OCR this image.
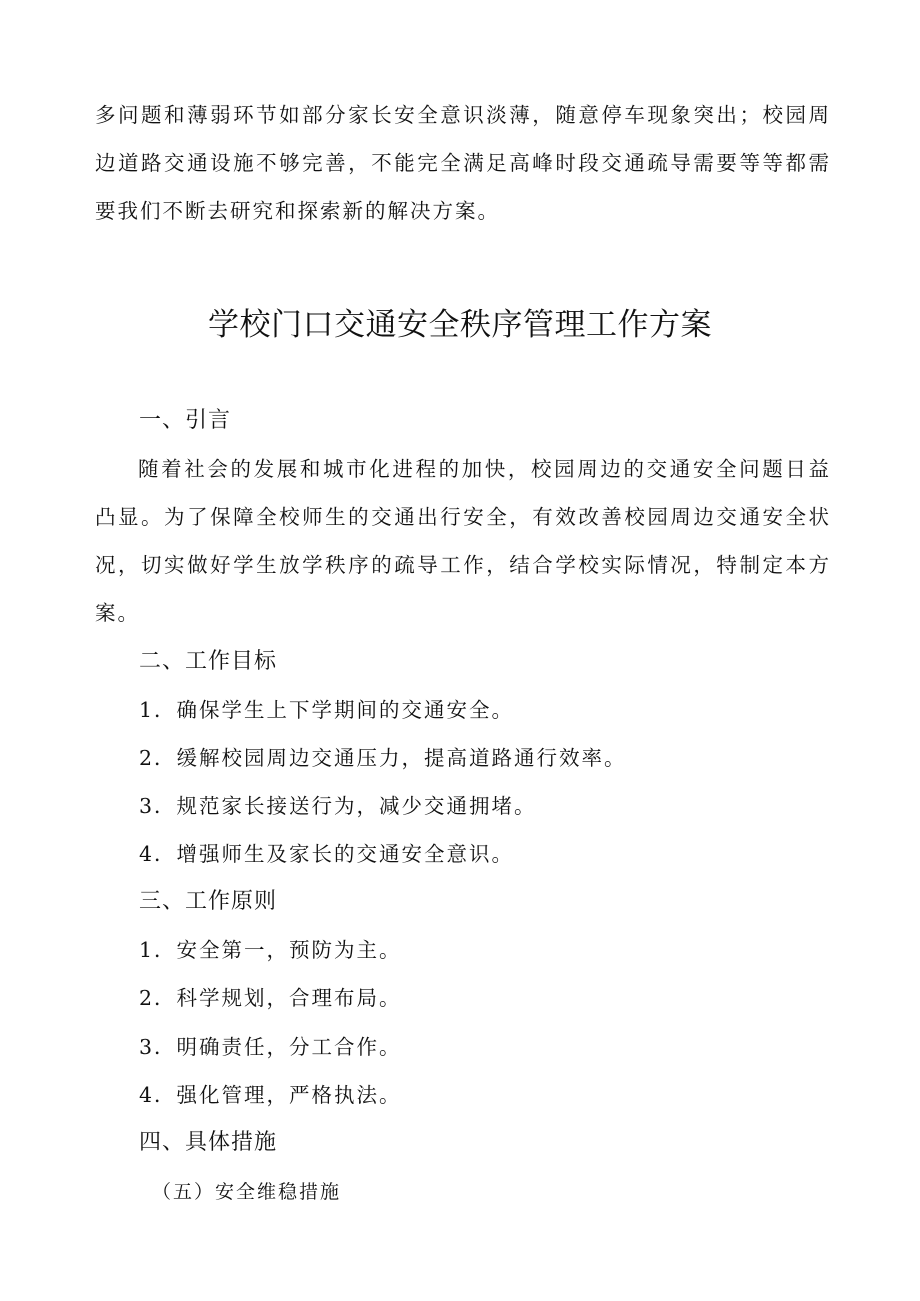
多问题和薄弱环节如部分家长安全意识淡薄，随意停车现象突出；校园周边道路交通设施不够完善，不能完全满足高峰时段交通疏导需要等等都需要我们不断去研究和探索新的解决方案。

学校门口交通安全秩序管理工作方案
一、引言

随着社会的发展和城市化进程的加快，校园周边的交通安全问题日益凸显。为了保障全校师生的交通出行安全，有效改善校园周边交通安全状况，切实做好学生放学秩序的疏导工作，结合学校实际情况，特制定本方案。

二、工作目标

1．确保学生上下学期间的交通安全。

2．缓解校园周边交通压力，提高道路通行效率。

3．规范家长接送行为，减少交通拥堵。

4．增强师生及家长的交通安全意识。

三、工作原则

1．安全第一，预防为主。

2．科学规划，合理布局。

3．明确责任，分工合作。

4．强化管理，严格执法。

四、具体措施

（五）安全维稳措施
